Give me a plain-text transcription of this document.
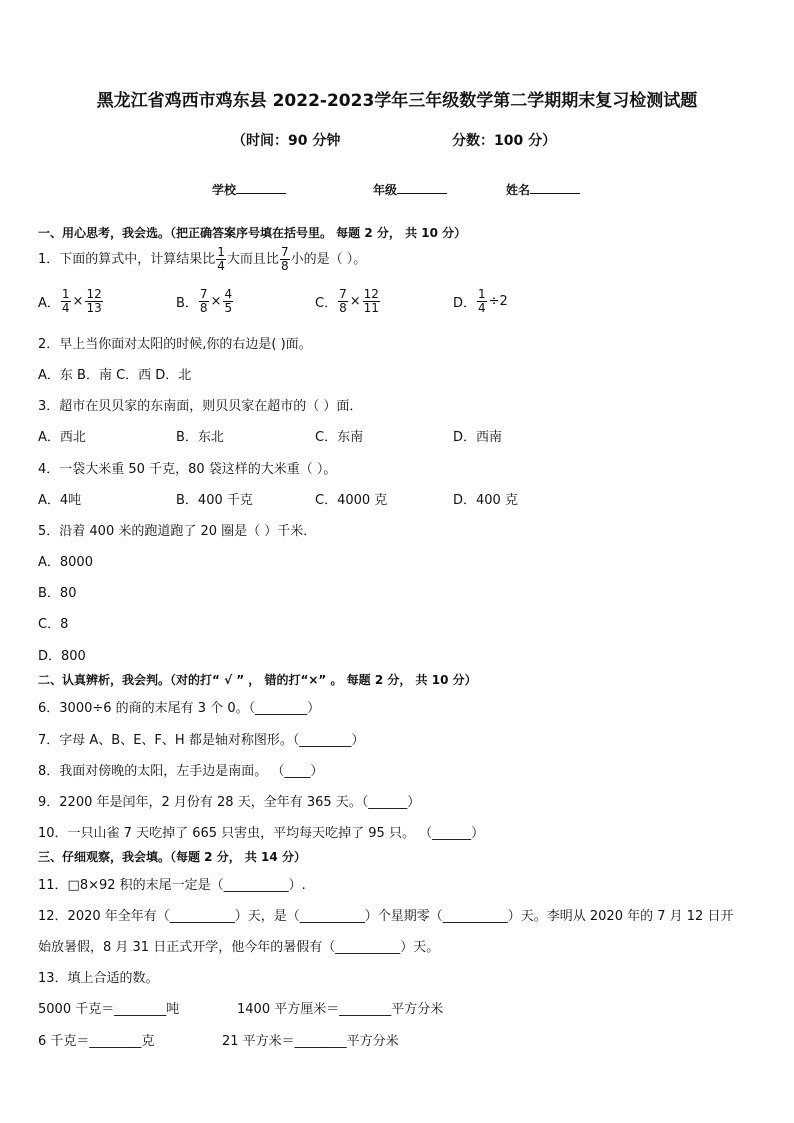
黑龙江省鸡西市鸡东县 2022-2023学年三年级数学第二学期期末复习检测试题
（时间：90 分钟	分数：100 分）
学校	年级	姓名
一、用心思考，我会选。（把正确答案序号填在括号里。 每题 2 分， 共 10 分）
1．下面的算式中，计算结果比 $\frac{1}{4}$ 大而且比 $\frac{7}{8}$ 小的是（ ）。
A． $\frac{1}{4} \times \frac{12}{13}$	B． $\frac{7}{8} \times \frac{4}{5}$	C． $\frac{7}{8} \times \frac{12}{11}$	D． $\frac{1}{4} \div 2$
2．早上当你面对太阳的时候,你的右边是( )面。
A．东 B．南 C．西 D．北
3．超市在贝贝家的东南面，则贝贝家在超市的（ ）面．
A．西北	B．东北	C．东南	D．西南
4．一袋大米重 50 千克，80 袋这样的大米重（ ）。
A．4吨	B．400 千克	C．4000 克	D．400 克
5．沿着 400 米的跑道跑了 20 圈是（ ）千米．
A．8000
B．80
C．8
D．800
二、认真辨析，我会判。（对的打“ √ ” ， 错的打“×” 。 每题 2 分， 共 10 分）
6．3000÷6 的商的末尾有 3 个 0。（________）
7．字母 A、B、E、F、H 都是轴对称图形。（________）
8．我面对傍晚的太阳，左手边是南面。 （____）
9．2200 年是闰年，2 月份有 28 天，全年有 365 天。（______）
10．一只山雀 7 天吃掉了 665 只害虫，平均每天吃掉了 95 只。 （______）
三、仔细观察，我会填。（每题 2 分， 共 14 分）
11．□8×92 积的末尾一定是（__________）.
12．2020 年全年有（__________）天，是（__________）个星期零（__________）天。李明从 2020 年的 7 月 12 日开
始放暑假，8 月 31 日正式开学，他今年的暑假有（__________）天。
13．填上合适的数。
5000 千克＝________吨	1400 平方厘米＝________平方分米
6 千克＝________克	21 平方米＝________平方分米
